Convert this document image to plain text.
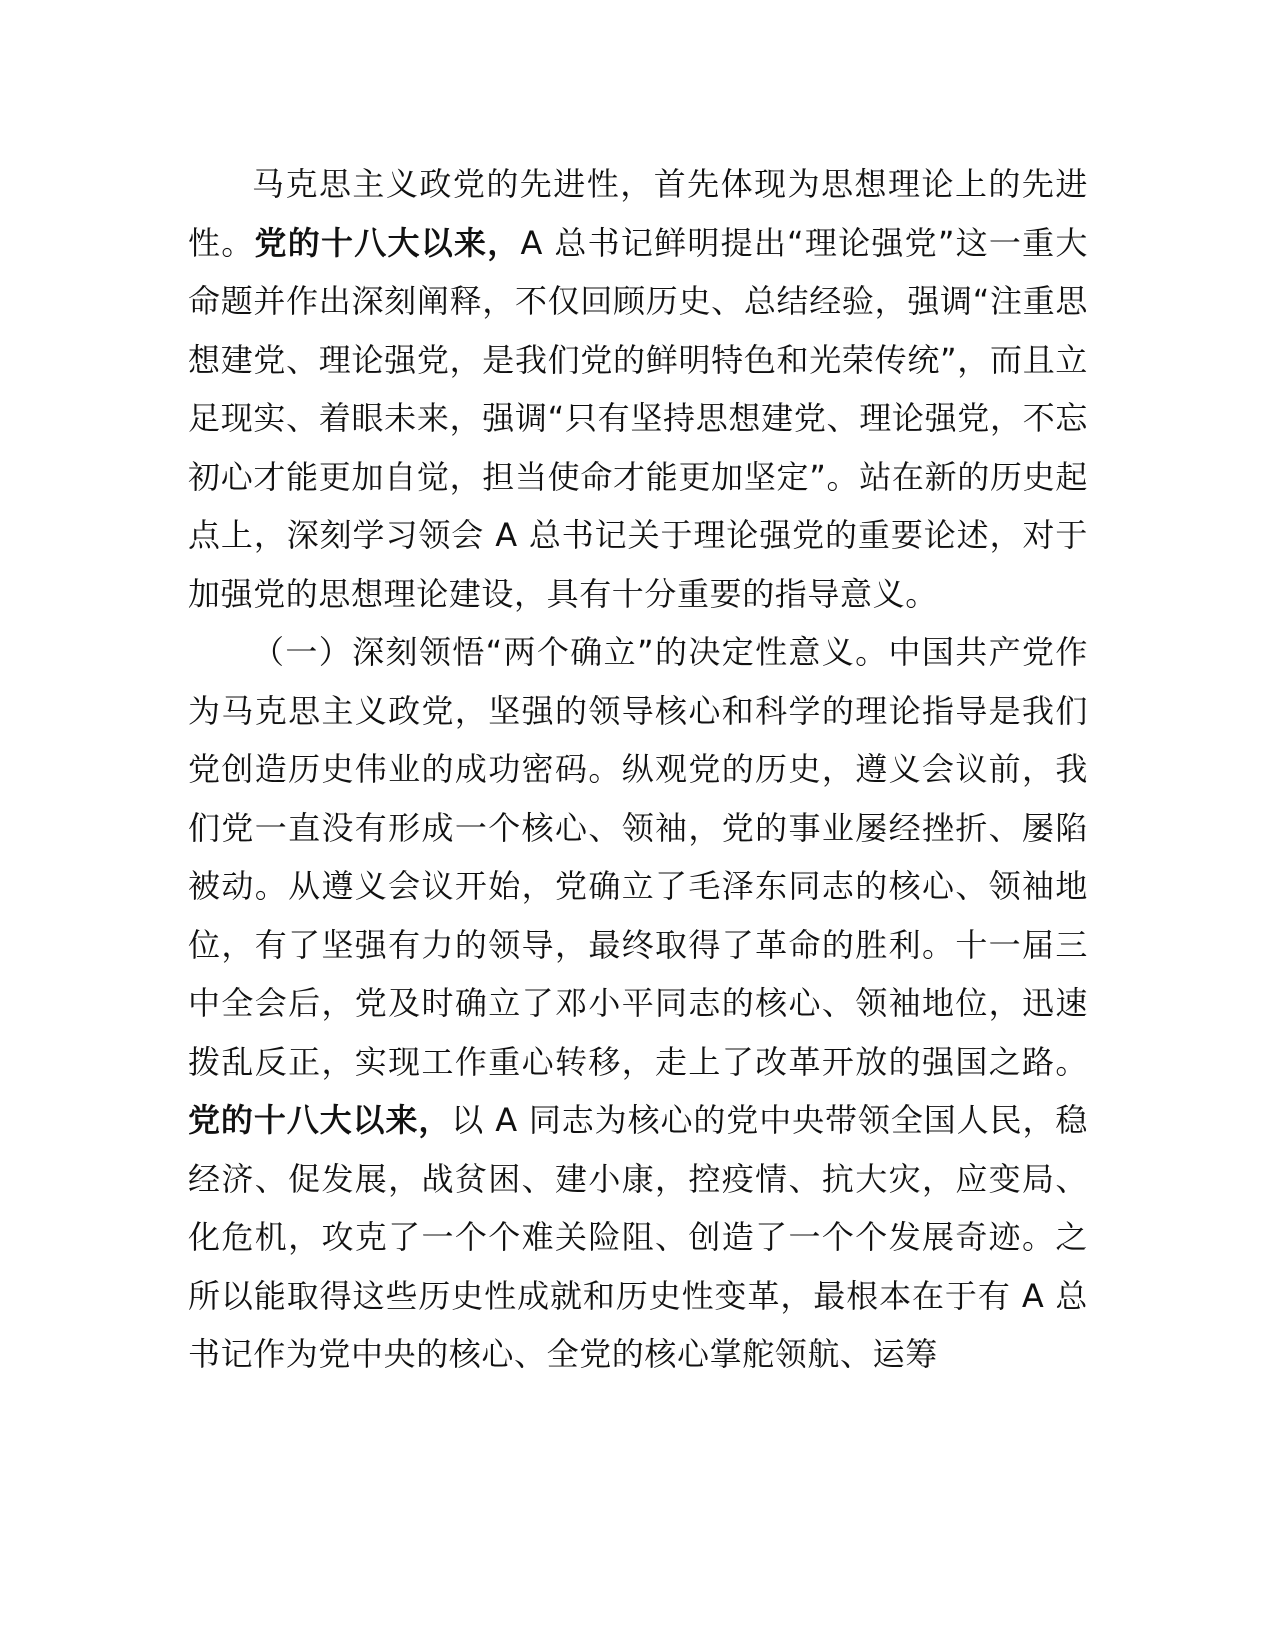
马克思主义政党的先进性，首先体现为思想理论上的先进性。党的十八大以来，A 总书记鲜明提出“理论强党”这一重大命题并作出深刻阐释，不仅回顾历史、总结经验，强调“注重思想建党、理论强党，是我们党的鲜明特色和光荣传统”，而且立足现实、着眼未来，强调“只有坚持思想建党、理论强党，不忘初心才能更加自觉，担当使命才能更加坚定”。站在新的历史起点上，深刻学习领会 A 总书记关于理论强党的重要论述，对于加强党的思想理论建设，具有十分重要的指导意义。

（一）深刻领悟“两个确立”的决定性意义。中国共产党作为马克思主义政党，坚强的领导核心和科学的理论指导是我们党创造历史伟业的成功密码。纵观党的历史，遵义会议前，我们党一直没有形成一个核心、领袖，党的事业屡经挫折、屡陷被动。从遵义会议开始，党确立了毛泽东同志的核心、领袖地位，有了坚强有力的领导，最终取得了革命的胜利。十一届三中全会后，党及时确立了邓小平同志的核心、领袖地位，迅速拨乱反正，实现工作重心转移，走上了改革开放的强国之路。党的十八大以来，以 A 同志为核心的党中央带领全国人民，稳经济、促发展，战贫困、建小康，控疫情、抗大灾，应变局、化危机，攻克了一个个难关险阻、创造了一个个发展奇迹。之所以能取得这些历史性成就和历史性变革，最根本在于有 A 总书记作为党中央的核心、全党的核心掌舵领航、运筹
